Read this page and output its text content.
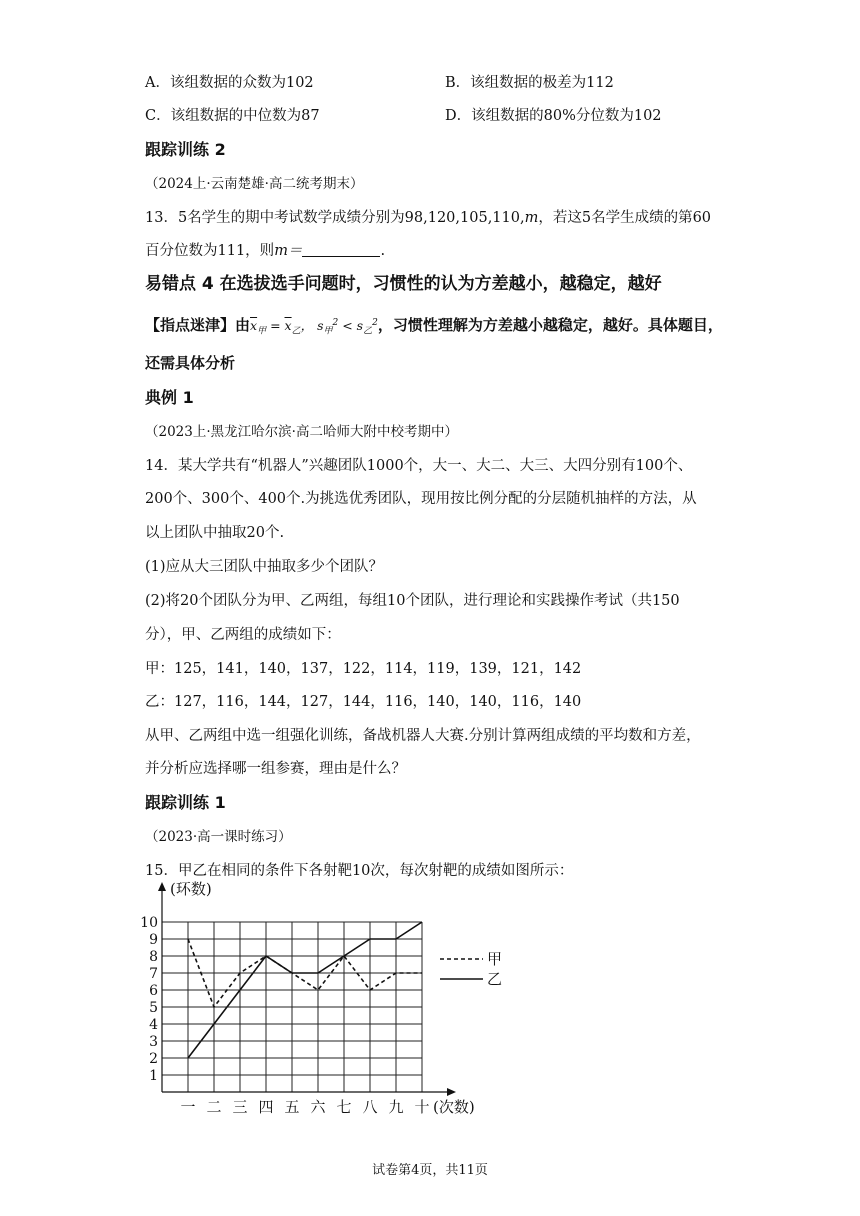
A．该组数据的众数为102	B．该组数据的极差为112
C．该组数据的中位数为87	D．该组数据的80%分位数为102
跟踪训练 2
（2024上·云南楚雄·高二统考期末）
13．5名学生的期中考试数学成绩分别为98,120,105,110,m，若这5名学生成绩的第60
百分位数为111，则m＝	.
易错点 4 在选拔选手问题时，习惯性的认为方差越小，越稳定，越好
【指点迷津】由$\overline{x}_甲 = \overline{x}_乙$， $s_甲^2 < s_乙^2$，习惯性理解为方差越小越稳定，越好。具体题目，
还需具体分析
典例 1
（2023上·黑龙江哈尔滨·高二哈师大附中校考期中）
14．某大学共有“机器人”兴趣团队1000个，大一、大二、大三、大四分别有100个、
200个、300个、400个.为挑选优秀团队，现用按比例分配的分层随机抽样的方法，从
以上团队中抽取20个.
(1)应从大三团队中抽取多少个团队？
(2)将20个团队分为甲、乙两组，每组10个团队，进行理论和实践操作考试（共150
分），甲、乙两组的成绩如下：
甲：125，141，140，137，122，114，119，139，121，142
乙：127，116，144，127，144，116，140，140，116，140
从甲、乙两组中选一组强化训练，备战机器人大赛.分别计算两组成绩的平均数和方差，
并分析应选择哪一组参赛，理由是什么？
跟踪训练 1
（2023·高一课时练习）
15．甲乙在相同的条件下各射靶10次，每次射靶的成绩如图所示：
1
2
3
4
5
6
7
8
9
10
一 二 三 四 五 六 七 八 九 十 (次数)
(环数)
甲
乙
试卷第4页，共11页
